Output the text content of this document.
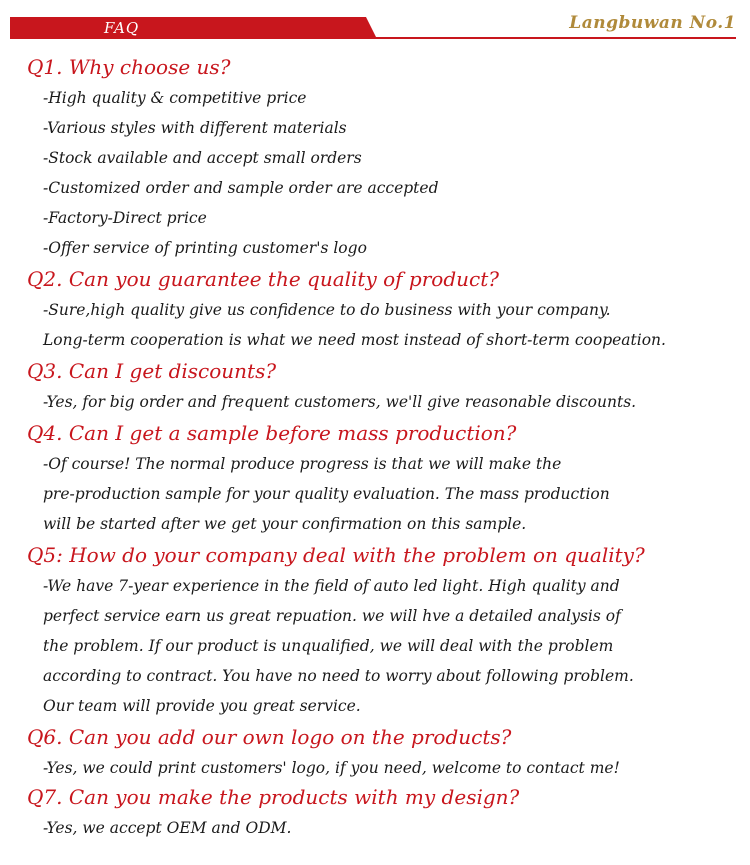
FAQ	Langbuwan No.1

Q1. Why choose us?

-High quality & competitive price

-Various styles with different materials

-Stock available and accept small orders

-Customized order and sample order are accepted

-Factory-Direct price

-Offer service of printing customer's logo

Q2. Can you guarantee the quality of product?

-Sure,high quality give us confidence to do business with your company.

Long-term cooperation is what we need most instead of short-term coopeation.

Q3. Can I get discounts?

-Yes, for big order and frequent customers, we'll give reasonable discounts.

Q4. Can I get a sample before mass production?

-Of course! The normal produce progress is that we will make the

pre-production sample for your quality evaluation. The mass production

will be started after we get your confirmation on this sample.

Q5: How do your company deal with the problem on quality?

-We have 7-year experience in the field of auto led light. High quality and

perfect service earn us great repuation. we will hve a detailed analysis of

the problem. If our product is unqualified, we will deal with the problem

according to contract. You have no need to worry about following problem.

Our team will provide you great service.

Q6. Can you add our own logo on the products?

-Yes, we could print customers' logo, if you need, welcome to contact me!

Q7. Can you make the products with my design?

-Yes, we accept OEM and ODM.
